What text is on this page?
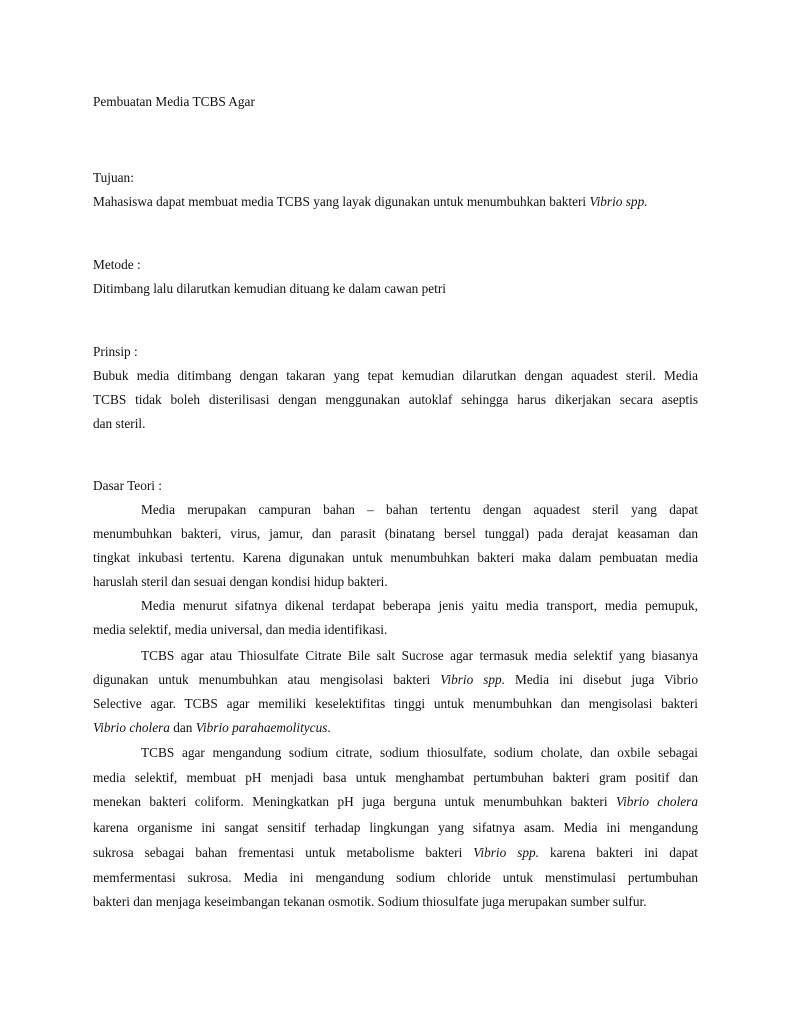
Pembuatan Media TCBS Agar
Tujuan:
Mahasiswa dapat membuat media TCBS yang layak digunakan untuk menumbuhkan bakteri Vibrio spp.
Metode :
Ditimbang lalu dilarutkan kemudian dituang ke dalam cawan petri
Prinsip :
Bubuk media ditimbang dengan takaran yang tepat kemudian dilarutkan dengan aquadest steril. Media
TCBS tidak boleh disterilisasi dengan menggunakan autoklaf sehingga harus dikerjakan secara aseptis
dan steril.
Dasar Teori :
Media merupakan campuran bahan – bahan tertentu dengan aquadest steril yang dapat
menumbuhkan bakteri, virus, jamur, dan parasit (binatang bersel tunggal) pada derajat keasaman dan
tingkat inkubasi tertentu. Karena digunakan untuk menumbuhkan bakteri maka dalam pembuatan media
haruslah steril dan sesuai dengan kondisi hidup bakteri.
Media menurut sifatnya dikenal terdapat beberapa jenis yaitu media transport, media pemupuk,
media selektif, media universal, dan media identifikasi.
TCBS agar atau Thiosulfate Citrate Bile salt Sucrose agar termasuk media selektif yang biasanya
digunakan untuk menumbuhkan atau mengisolasi bakteri Vibrio spp. Media ini disebut juga Vibrio
Selective agar. TCBS agar memiliki keselektifitas tinggi untuk menumbuhkan dan mengisolasi bakteri
Vibrio cholera dan Vibrio parahaemolitycus.
TCBS agar mengandung sodium citrate, sodium thiosulfate, sodium cholate, dan oxbile sebagai
media selektif, membuat pH menjadi basa untuk menghambat pertumbuhan bakteri gram positif dan
menekan bakteri coliform. Meningkatkan pH juga berguna untuk menumbuhkan bakteri Vibrio cholera
karena organisme ini sangat sensitif terhadap lingkungan yang sifatnya asam. Media ini mengandung
sukrosa sebagai bahan frementasi untuk metabolisme bakteri Vibrio spp. karena bakteri ini dapat
memfermentasi sukrosa. Media ini mengandung sodium chloride untuk menstimulasi pertumbuhan
bakteri dan menjaga keseimbangan tekanan osmotik. Sodium thiosulfate juga merupakan sumber sulfur.
